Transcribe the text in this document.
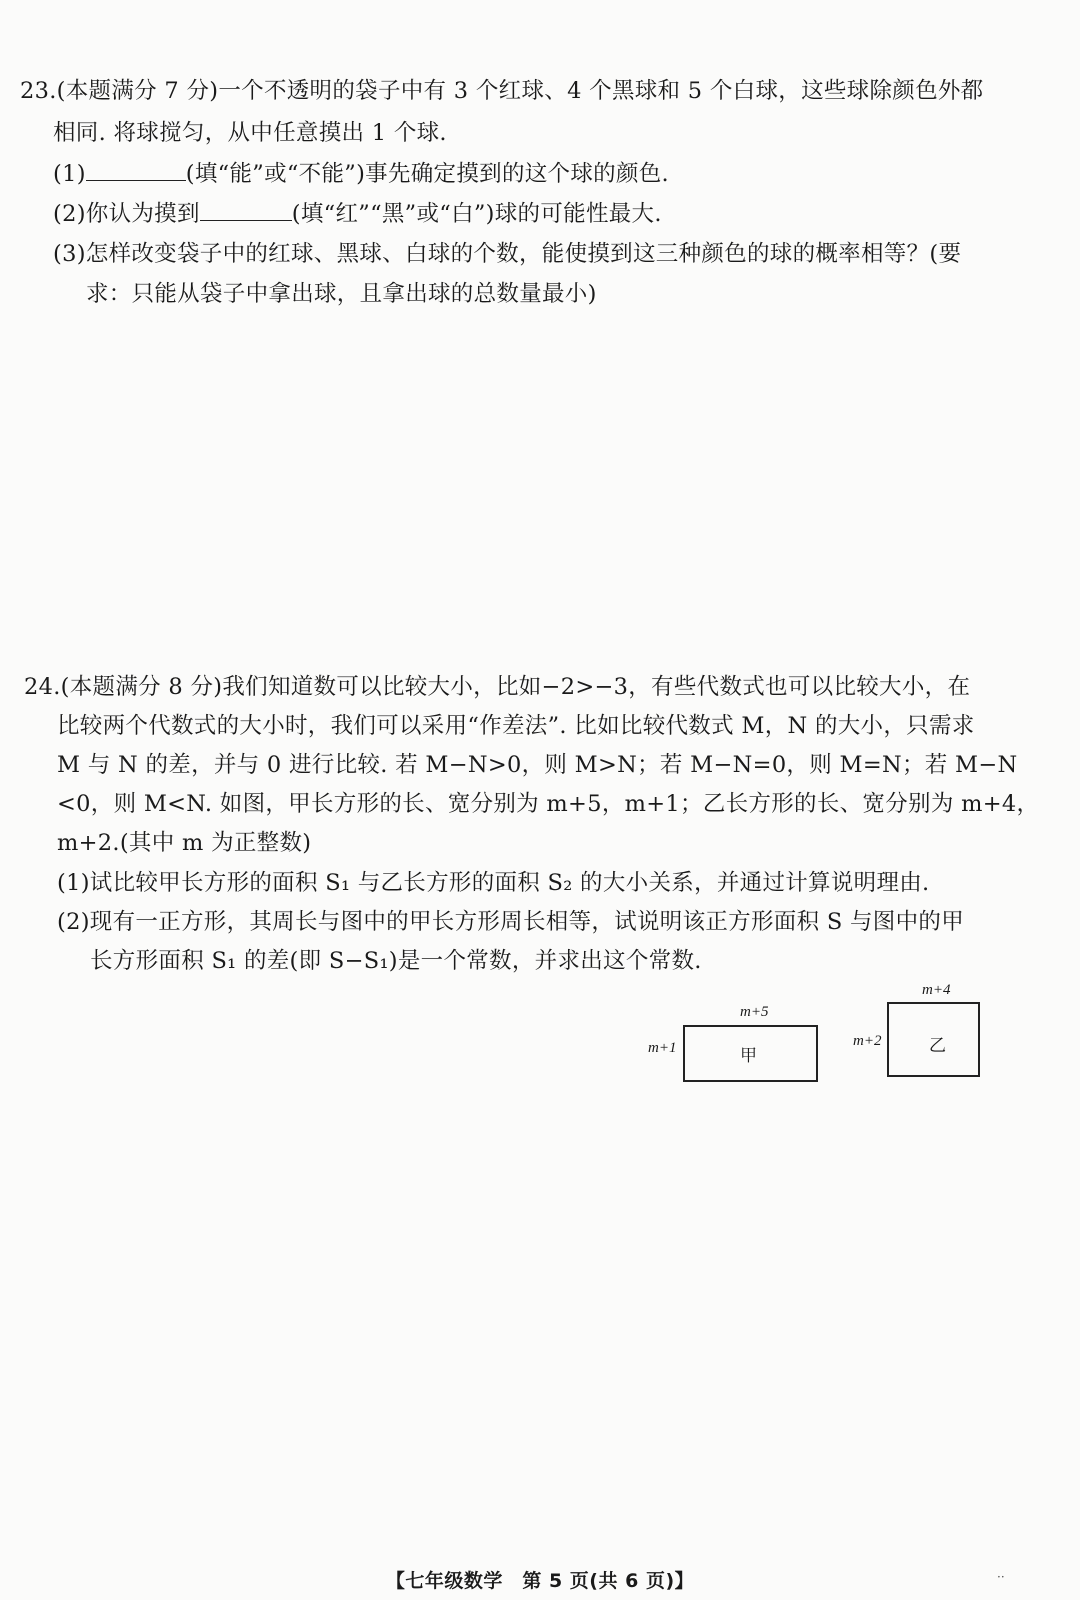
23.(本题满分 7 分)一个不透明的袋子中有 3 个红球、4 个黑球和 5 个白球，这些球除颜色外都
相同. 将球搅匀，从中任意摸出 1 个球.
(1)	(填“能”或“不能”)事先确定摸到的这个球的颜色.
(2)你认为摸到	(填“红”“黑”或“白”)球的可能性最大.
(3)怎样改变袋子中的红球、黑球、白球的个数，能使摸到这三种颜色的球的概率相等？(要
求：只能从袋子中拿出球，且拿出球的总数量最小)
24.(本题满分 8 分)我们知道数可以比较大小，比如−2>−3，有些代数式也可以比较大小，在
比较两个代数式的大小时，我们可以采用“作差法”. 比如比较代数式 M，N 的大小，只需求
M 与 N 的差，并与 0 进行比较. 若 M−N>0，则 M>N；若 M−N=0，则 M=N；若 M−N
<0，则 M<N. 如图，甲长方形的长、宽分别为 m+5，m+1；乙长方形的长、宽分别为 m+4，
m+2.(其中 m 为正整数)
(1)试比较甲长方形的面积 S₁ 与乙长方形的面积 S₂ 的大小关系，并通过计算说明理由.
(2)现有一正方形，其周长与图中的甲长方形周长相等，试说明该正方形面积 S 与图中的甲
长方形面积 S₁ 的差(即 S−S₁)是一个常数，并求出这个常数.
m+5
m+1	甲
m+4
m+2	乙
【七年级数学　第 5 页(共 6 页)】	··
